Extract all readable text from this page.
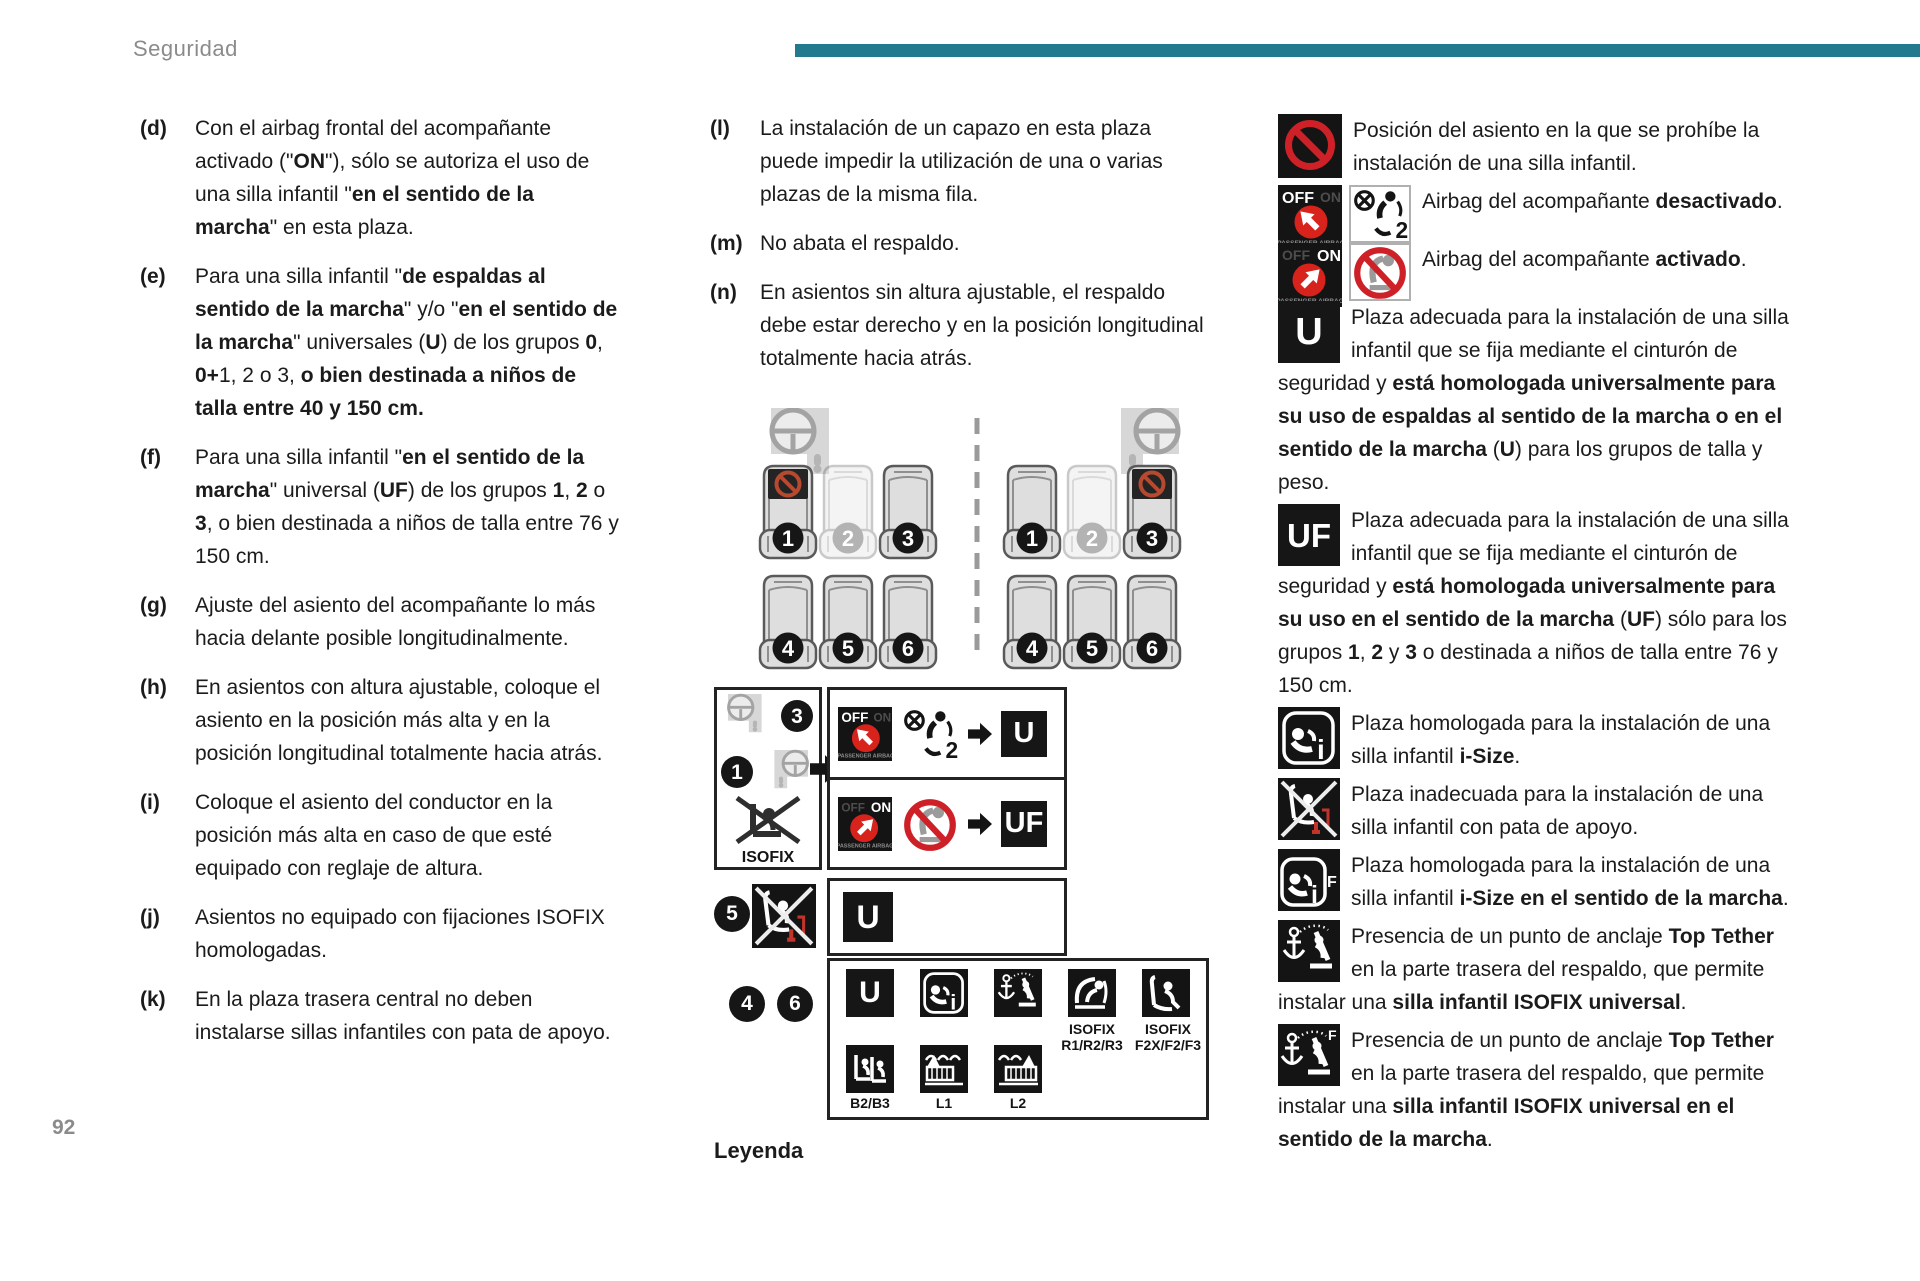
Seguridad

(d) Con el airbag frontal del acompañante activado ("ON"), sólo se autoriza el uso de una silla infantil "en el sentido de la marcha" en esta plaza.

(e) Para una silla infantil "de espaldas al sentido de la marcha" y/o "en el sentido de la marcha" universales (U) de los grupos 0, 0+1, 2 o 3, o bien destinada a niños de talla entre 40 y 150 cm.

(f) Para una silla infantil "en el sentido de la marcha" universal (UF) de los grupos 1, 2 o 3, o bien destinada a niños de talla entre 76 y 150 cm.

(g) Ajuste del asiento del acompañante lo más hacia delante posible longitudinalmente.

(h) En asientos con altura ajustable, coloque el asiento en la posición más alta y en la posición longitudinal totalmente hacia atrás.

(i) Coloque el asiento del conductor en la posición más alta en caso de que esté equipado con reglaje de altura.

(j) Asientos no equipado con fijaciones ISOFIX homologadas.

(k) En la plaza trasera central no deben instalarse sillas infantiles con pata de apoyo.

(l) La instalación de un capazo en esta plaza puede impedir la utilización de una o varias plazas de la misma fila.

(m) No abata el respaldo.

(n) En asientos sin altura ajustable, el respaldo debe estar derecho y en la posición longitudinal totalmente hacia atrás.

1 2 3
4 5 6
1 2 3
4 5 6
3
1
ISOFIX
U
UF
5	U
4	6	U
ISOFIX
R1/R2/R3
ISOFIX
F2X/F2/F3
B2/B3	L1	L2
Leyenda

Posición del asiento en la que se prohíbe la instalación de una silla infantil.

Airbag del acompañante desactivado.

Airbag del acompañante activado.

U	Plaza adecuada para la instalación de una silla infantil que se fija mediante el cinturón de seguridad y está homologada universalmente para su uso de espaldas al sentido de la marcha o en el sentido de la marcha (U) para los grupos de talla y peso.

UF Plaza adecuada para la instalación de una silla infantil que se fija mediante el cinturón de seguridad y está homologada universalmente para su uso en el sentido de la marcha (UF) sólo para los grupos 1, 2 y 3 o destinada a niños de talla entre 76 y 150 cm.

Plaza homologada para la instalación de una silla infantil i-Size.

Plaza inadecuada para la instalación de una silla infantil con pata de apoyo.

Plaza homologada para la instalación de una silla infantil i-Size en el sentido de la marcha.

Presencia de un punto de anclaje Top Tether en la parte trasera del respaldo, que permite instalar una silla infantil ISOFIX universal.

Presencia de un punto de anclaje Top Tether en la parte trasera del respaldo, que permite instalar una silla infantil ISOFIX universal en el sentido de la marcha.

92
